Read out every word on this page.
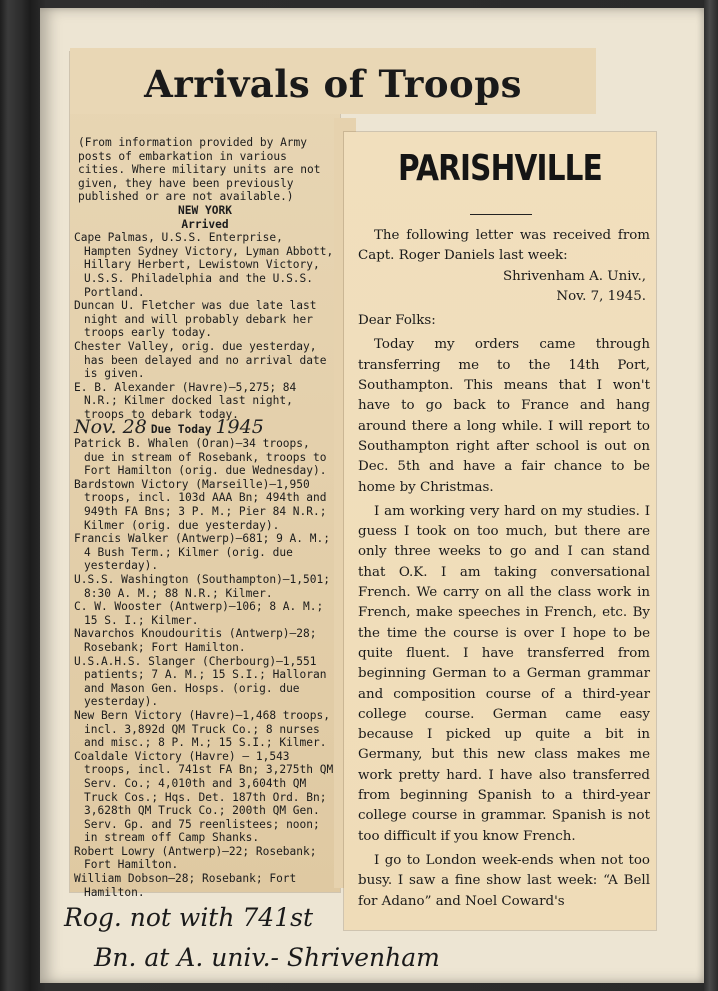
Arrivals of Troops

(From information provided by Army posts of embarkation in various cities. Where military units are not given, they have been previously published or are not available.)

NEW YORK

Arrived

Cape Palmas, U.S.S. Enterprise, Hampten Sydney Victory, Lyman Abbott, Hillary Herbert, Lewistown Victory, U.S.S. Philadelphia and the U.S.S. Portland.

Duncan U. Fletcher was due late last night and will probably debark her troops early today.

Chester Valley, orig. due yesterday, has been delayed and no arrival date is given.

E. B. Alexander (Havre)—5,275; 84 N.R.; Kilmer docked last night, troops to debark today.

Nov. 28 Due Today 1945

Patrick B. Whalen (Oran)—34 troops, due in stream of Rosebank, troops to Fort Hamilton (orig. due Wednesday).

Bardstown Victory (Marseille)—1,950 troops, incl. 103d AAA Bn; 494th and 949th FA Bns; 3 P. M.; Pier 84 N.R.; Kilmer (orig. due yesterday).

Francis Walker (Antwerp)—681; 9 A. M.; 4 Bush Term.; Kilmer (orig. due yesterday).

U.S.S. Washington (Southampton)—1,501; 8:30 A. M.; 88 N.R.; Kilmer.

C. W. Wooster (Antwerp)—106; 8 A. M.; 15 S. I.; Kilmer.

Navarchos Knoudouritis (Antwerp)—28; Rosebank; Fort Hamilton.

U.S.A.H.S. Slanger (Cherbourg)—1,551 patients; 7 A. M.; 15 S.I.; Halloran and Mason Gen. Hosps. (orig. due yesterday).

New Bern Victory (Havre)—1,468 troops, incl. 3,892d QM Truck Co.; 8 nurses and misc.; 8 P. M.; 15 S.I.; Kilmer.

Coaldale Victory (Havre) — 1,543 troops, incl. 741st FA Bn; 3,275th QM Serv. Co.; 4,010th and 3,604th QM Truck Cos.; Hqs. Det. 187th Ord. Bn; 3,628th QM Truck Co.; 200th QM Gen. Serv. Gp. and 75 reenlistees; noon; in stream off Camp Shanks.

Robert Lowry (Antwerp)—22; Rosebank; Fort Hamilton.

William Dobson—28; Rosebank; Fort Hamilton.

PARISHVILLE

The following letter was received from Capt. Roger Daniels last week:

Shrivenham A. Univ.,

Nov. 7, 1945.

Dear Folks:

Today my orders came through transferring me to the 14th Port, Southampton. This means that I won't have to go back to France and hang around there a long while. I will report to Southampton right after school is out on Dec. 5th and have a fair chance to be home by Christmas.

I am working very hard on my studies. I guess I took on too much, but there are only three weeks to go and I can stand that O.K. I am taking conversational French. We carry on all the class work in French, make speeches in French, etc. By the time the course is over I hope to be quite fluent. I have transferred from beginning German to a German grammar and composition course of a third-year college course. German came easy because I picked up quite a bit in Germany, but this new class makes me work pretty hard. I have also transferred from beginning Spanish to a third-year college course in grammar. Spanish is not too difficult if you know French.

I go to London week-ends when not too busy. I saw a fine show last week: “A Bell for Adano” and Noel Coward's

Rog. not with 741st
Bn. at A. univ.- Shrivenham
